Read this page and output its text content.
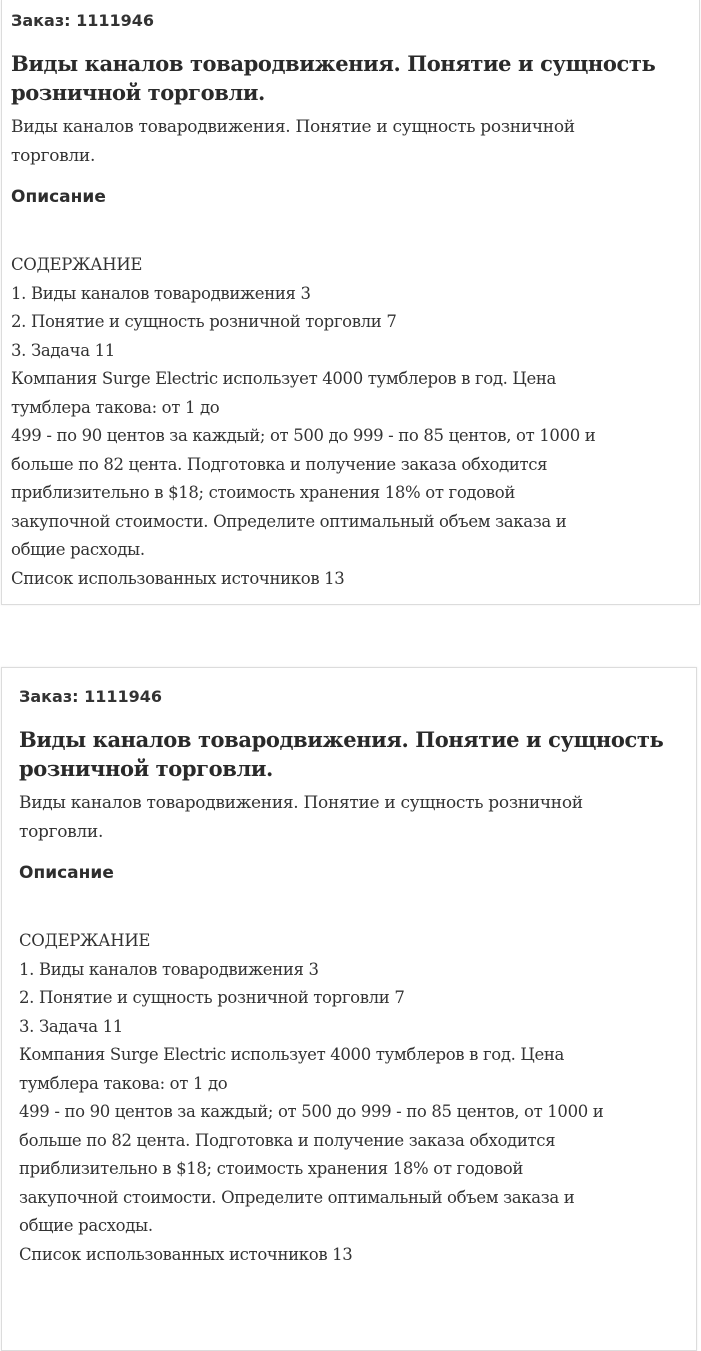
Заказ: 1111946
Виды каналов товародвижения. Понятие и сущность
розничной торговли.
Виды каналов товародвижения. Понятие и сущность розничной
торговли.
Описание
СОДЕРЖАНИЕ
1. Виды каналов товародвижения 3
2. Понятие и сущность розничной торговли 7
3. Задача 11
Компания Surge Electric использует 4000 тумблеров в год. Цена
тумблера такова: от 1 до
499 - по 90 центов за каждый; от 500 до 999 - по 85 центов, от 1000 и
больше по 82 цента. Подготовка и получение заказа обходится
приблизительно в $18; стоимость хранения 18% от годовой
закупочной стоимости. Определите оптимальный объем заказа и
общие расходы.
Список использованных источников 13
Заказ: 1111946
Виды каналов товародвижения. Понятие и сущность
розничной торговли.
Виды каналов товародвижения. Понятие и сущность розничной
торговли.
Описание
СОДЕРЖАНИЕ
1. Виды каналов товародвижения 3
2. Понятие и сущность розничной торговли 7
3. Задача 11
Компания Surge Electric использует 4000 тумблеров в год. Цена
тумблера такова: от 1 до
499 - по 90 центов за каждый; от 500 до 999 - по 85 центов, от 1000 и
больше по 82 цента. Подготовка и получение заказа обходится
приблизительно в $18; стоимость хранения 18% от годовой
закупочной стоимости. Определите оптимальный объем заказа и
общие расходы.
Список использованных источников 13
